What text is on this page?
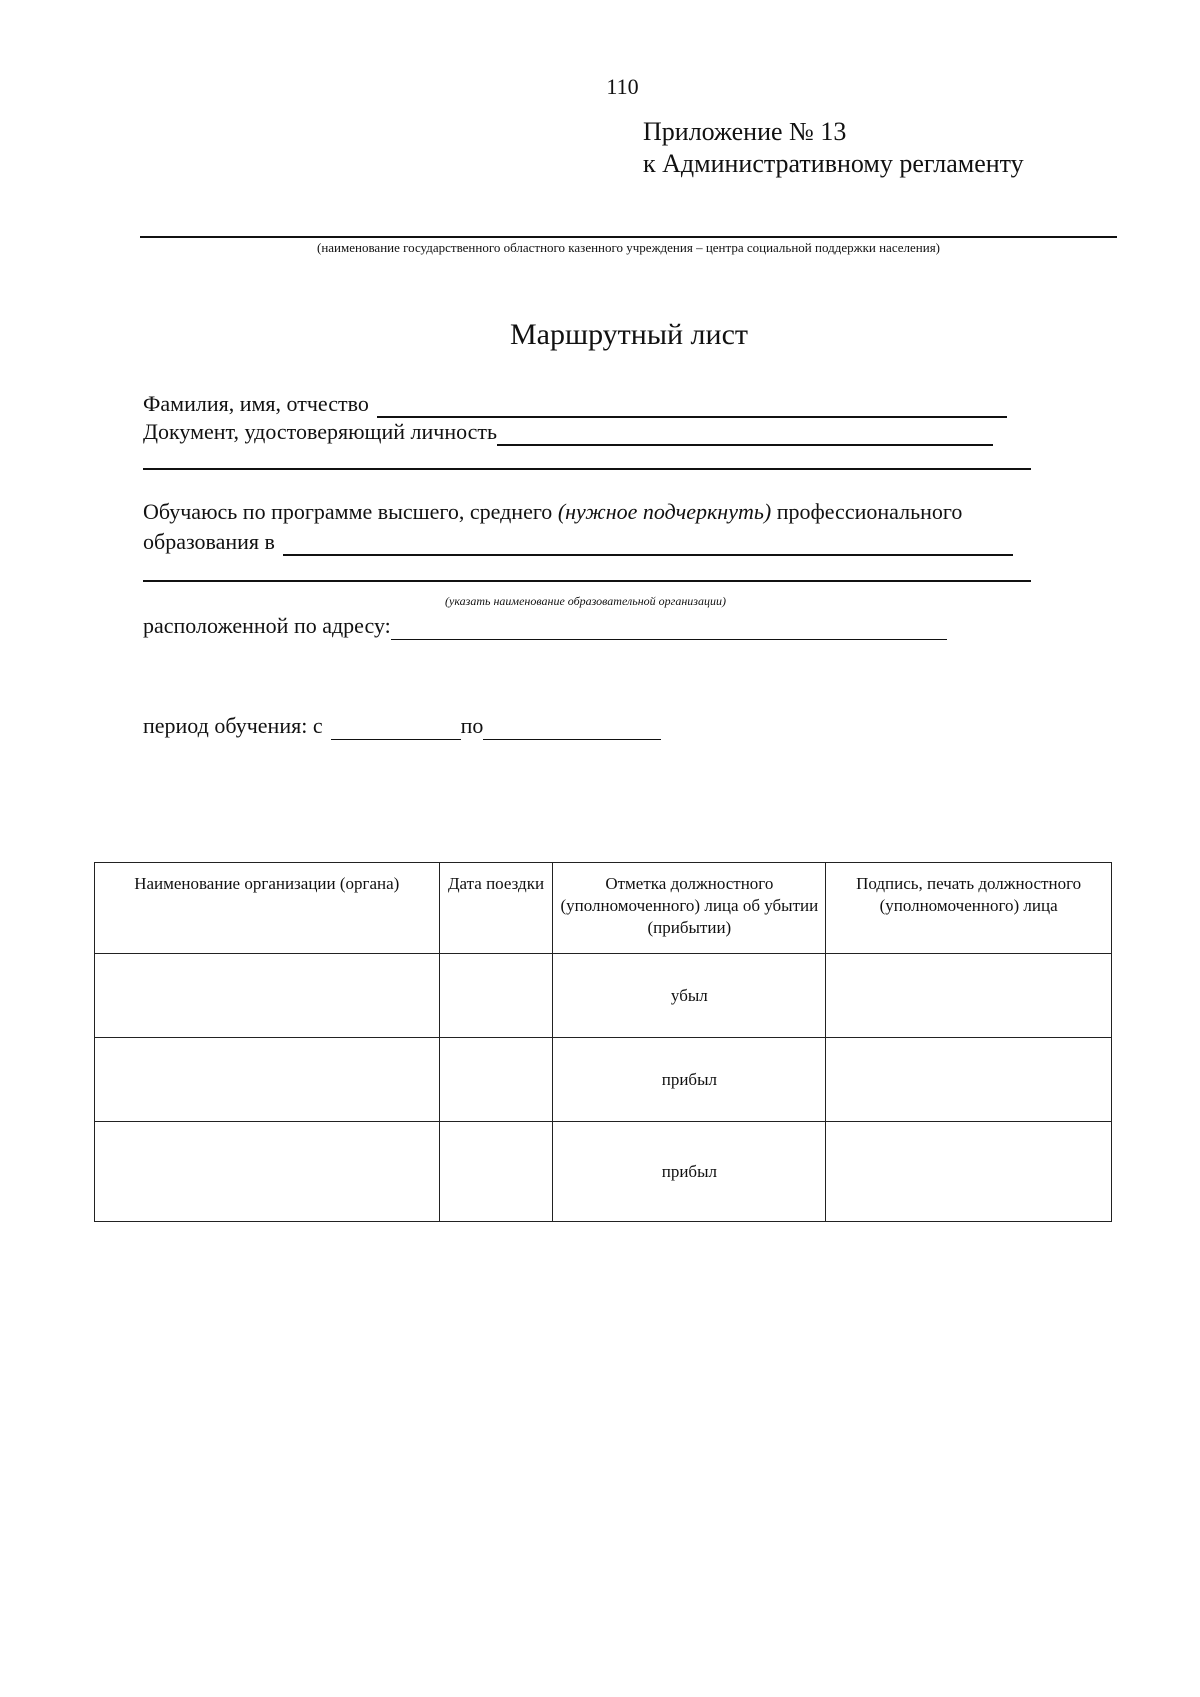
110
Приложение № 13
к Административному регламенту
(наименование государственного областного казенного учреждения – центра социальной поддержки населения)
Маршрутный лист
Фамилия, имя, отчество
Документ, удостоверяющий личность
Обучаюсь по программе высшего, среднего (нужное подчеркнуть) профессионального
образования в
(указать наименование образовательной организации)
расположенной по адресу:
период обучения: с	по
Наименование организации (органа)	Дата поездки	Отметка должностного (уполномоченного) лица об убытии (прибытии)	Подпись, печать должностного (уполномоченного) лица
		убыл	
		прибыл	
		прибыл	
